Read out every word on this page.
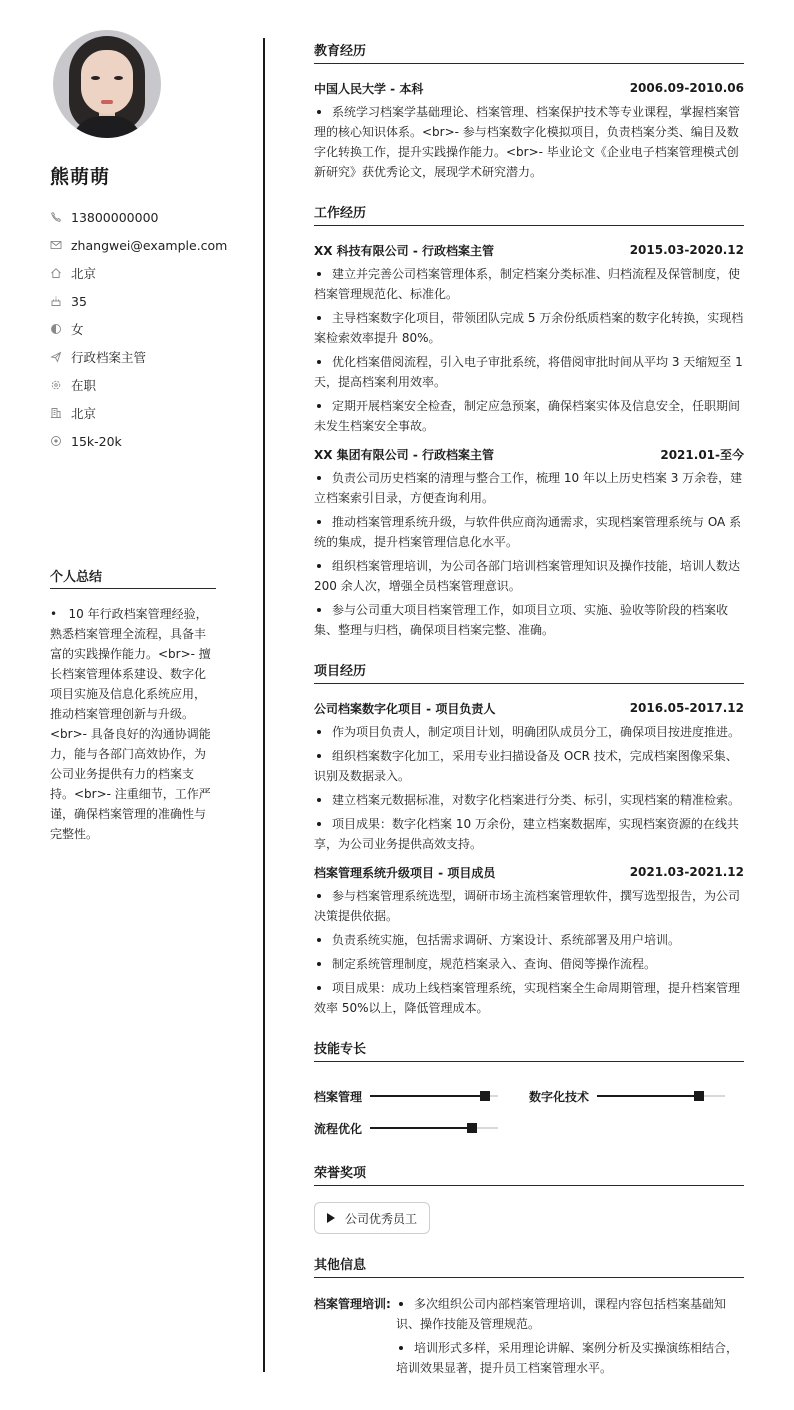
熊萌萌
13800000000
zhangwei@example.com
北京
35
女
行政档案主管
在职
北京
15k-20k
个人总结
•   10 年行政档案管理经验，熟悉档案管理全流程，具备丰富的实践操作能力。<br>- 擅长档案管理体系建设、数字化项目实施及信息化系统应用，推动档案管理创新与升级。<br>- 具备良好的沟通协调能力，能与各部门高效协作，为公司业务提供有力的档案支持。<br>- 注重细节，工作严谨，确保档案管理的准确性与完整性。
教育经历
中国人民大学 - 本科	2006.09-2010.06
系统学习档案学基础理论、档案管理、档案保护技术等专业课程，掌握档案管理的核心知识体系。<br>- 参与档案数字化模拟项目，负责档案分类、编目及数字化转换工作，提升实践操作能力。<br>- 毕业论文《企业电子档案管理模式创新研究》获优秀论文，展现学术研究潜力。
工作经历
XX 科技有限公司 - 行政档案主管	2015.03-2020.12
建立并完善公司档案管理体系，制定档案分类标准、归档流程及保管制度，使档案管理规范化、标准化。
主导档案数字化项目，带领团队完成 5 万余份纸质档案的数字化转换，实现档案检索效率提升 80%。
优化档案借阅流程，引入电子审批系统，将借阅审批时间从平均 3 天缩短至 1 天，提高档案利用效率。
定期开展档案安全检查，制定应急预案，确保档案实体及信息安全，任职期间未发生档案安全事故。
XX 集团有限公司 - 行政档案主管	2021.01-至今
负责公司历史档案的清理与整合工作，梳理 10 年以上历史档案 3 万余卷，建立档案索引目录，方便查询利用。
推动档案管理系统升级，与软件供应商沟通需求，实现档案管理系统与 OA 系统的集成，提升档案管理信息化水平。
组织档案管理培训，为公司各部门培训档案管理知识及操作技能，培训人数达 200 余人次，增强全员档案管理意识。
参与公司重大项目档案管理工作，如项目立项、实施、验收等阶段的档案收集、整理与归档，确保项目档案完整、准确。
项目经历
公司档案数字化项目 - 项目负责人	2016.05-2017.12
作为项目负责人，制定项目计划，明确团队成员分工，确保项目按进度推进。
组织档案数字化加工，采用专业扫描设备及 OCR 技术，完成档案图像采集、识别及数据录入。
建立档案元数据标准，对数字化档案进行分类、标引，实现档案的精准检索。
项目成果：数字化档案 10 万余份，建立档案数据库，实现档案资源的在线共享，为公司业务提供高效支持。
档案管理系统升级项目 - 项目成员	2021.03-2021.12
参与档案管理系统选型，调研市场主流档案管理软件，撰写选型报告，为公司决策提供依据。
负责系统实施，包括需求调研、方案设计、系统部署及用户培训。
制定系统管理制度，规范档案录入、查询、借阅等操作流程。
项目成果：成功上线档案管理系统，实现档案全生命周期管理，提升档案管理效率 50%以上，降低管理成本。
技能专长
档案管理	数字化技术
流程优化
荣誉奖项
公司优秀员工
其他信息
档案管理培训:	多次组织公司内部档案管理培训，课程内容包括档案基础知识、操作技能及管理规范。
培训形式多样，采用理论讲解、案例分析及实操演练相结合，培训效果显著，提升员工档案管理水平。
